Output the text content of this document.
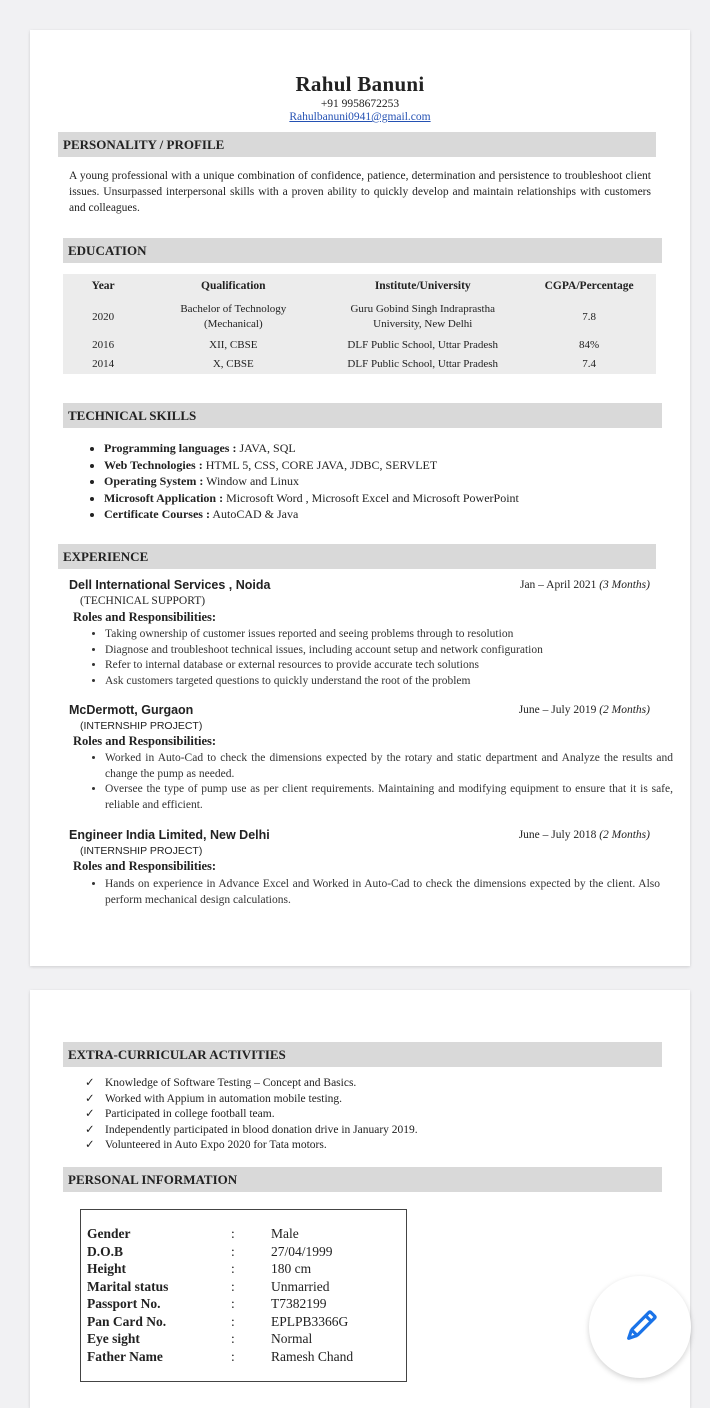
Rahul Banuni
+91 9958672253
Rahulbanuni0941@gmail.com
PERSONALITY / PROFILE
A young professional with a unique combination of confidence, patience, determination and persistence to troubleshoot client issues. Unsurpassed interpersonal skills with a proven ability to quickly develop and maintain relationships with customers and colleagues.
EDUCATION
Year	Qualification	Institute/University	CGPA/Percentage
2020	Bachelor of Technology (Mechanical)	Guru Gobind Singh Indraprastha University, New Delhi	7.8
2016	XII, CBSE	DLF Public School, Uttar Pradesh	84%
2014	X, CBSE	DLF Public School, Uttar Pradesh	7.4
TECHNICAL SKILLS
• Programming languages : JAVA, SQL
• Web Technologies : HTML 5, CSS, CORE JAVA, JDBC, SERVLET
• Operating System : Window and Linux
• Microsoft Application : Microsoft Word , Microsoft Excel and Microsoft PowerPoint
• Certificate Courses : AutoCAD & Java
EXPERIENCE
Dell International Services , Noida	Jan – April 2021 (3 Months)
(TECHNICAL SUPPORT)
Roles and Responsibilities:
• Taking ownership of customer issues reported and seeing problems through to resolution
• Diagnose and troubleshoot technical issues, including account setup and network configuration
• Refer to internal database or external resources to provide accurate tech solutions
• Ask customers targeted questions to quickly understand the root of the problem
McDermott, Gurgaon	June – July 2019 (2 Months)
(INTERNSHIP PROJECT)
Roles and Responsibilities:
• Worked in Auto-Cad to check the dimensions expected by the rotary and static department and Analyze the results and change the pump as needed.
• Oversee the type of pump use as per client requirements. Maintaining and modifying equipment to ensure that it is safe, reliable and efficient.
Engineer India Limited, New Delhi	June – July 2018 (2 Months)
(INTERNSHIP PROJECT)
Roles and Responsibilities:
• Hands on experience in Advance Excel and Worked in Auto-Cad to check the dimensions expected by the client. Also perform mechanical design calculations.
EXTRA-CURRICULAR ACTIVITIES
✓ Knowledge of Software Testing – Concept and Basics.
✓ Worked with Appium in automation mobile testing.
✓ Participated in college football team.
✓ Independently participated in blood donation drive in January 2019.
✓ Volunteered in Auto Expo 2020 for Tata motors.
PERSONAL INFORMATION
Gender	:	Male
D.O.B	:	27/04/1999
Height	:	180 cm
Marital status	:	Unmarried
Passport No.	:	T7382199
Pan Card No.	:	EPLPB3366G
Eye sight	:	Normal
Father Name	:	Ramesh Chand
